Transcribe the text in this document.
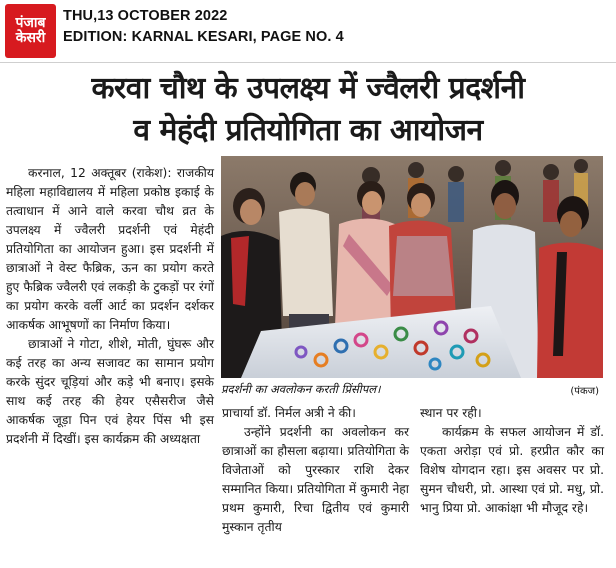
पंजाब
केसरी
THU,13 OCTOBER 2022
EDITION: KARNAL KESARI, PAGE NO. 4
करवा चौथ के उपलक्ष्य में ज्वैलरी प्रदर्शनी
व मेहंदी प्रतियोगिता का आयोजन

करनाल, 12 अक्तूबर (राकेश): राजकीय महिला महाविद्यालय में महिला प्रकोष्ठ इकाई के तत्वाधान में आने वाले करवा चौथ व्रत के उपलक्ष्य में ज्वैलरी प्रदर्शनी एवं मेहंदी प्रतियोगिता का आयोजन हुआ। इस प्रदर्शनी में छात्राओं ने वेस्ट फैब्रिक, ऊन का प्रयोग करते हुए फैब्रिक ज्वैलरी एवं लकड़ी के टुकड़ों पर रंगों का प्रयोग करके वर्ली आर्ट का प्रदर्शन दर्शकर आकर्षक आभूषणों का निर्माण किया।

छात्राओं ने गोटा, शीशे, मोती, घुंघरू और कई तरह का अन्य सजावट का सामान प्रयोग करके सुंदर चूड़ियां और कड़े भी बनाए। इसके साथ कई तरह की हेयर एसैसरीज जैसे आकर्षक जूड़ा पिन एवं हेयर पिंस भी इस प्रदर्शनी में दिखीं। इस कार्यक्रम की अध्यक्षता

प्रदर्शनी का अवलोकन करती प्रिंसीपल।	(पंकज)

प्राचार्या डॉ. निर्मल अत्री ने की।

उन्होंने प्रदर्शनी का अवलोकन कर छात्राओं का हौसला बढ़ाया। प्रतियोगिता के विजेताओं को पुरस्कार राशि देकर सम्मानित किया। प्रतियोगिता में कुमारी नेहा प्रथम कुमारी, रिचा द्वितीय एवं कुमारी मुस्कान तृतीय

स्थान पर रही।

कार्यक्रम के सफल आयोजन में डॉ. एकता अरोड़ा एवं प्रो. हरप्रीत कौर का विशेष योगदान रहा। इस अवसर पर प्रो. सुमन चौधरी, प्रो. आस्था एवं प्रो. मधु, प्रो. भानु प्रिया प्रो. आकांक्षा भी मौजूद रहे।
